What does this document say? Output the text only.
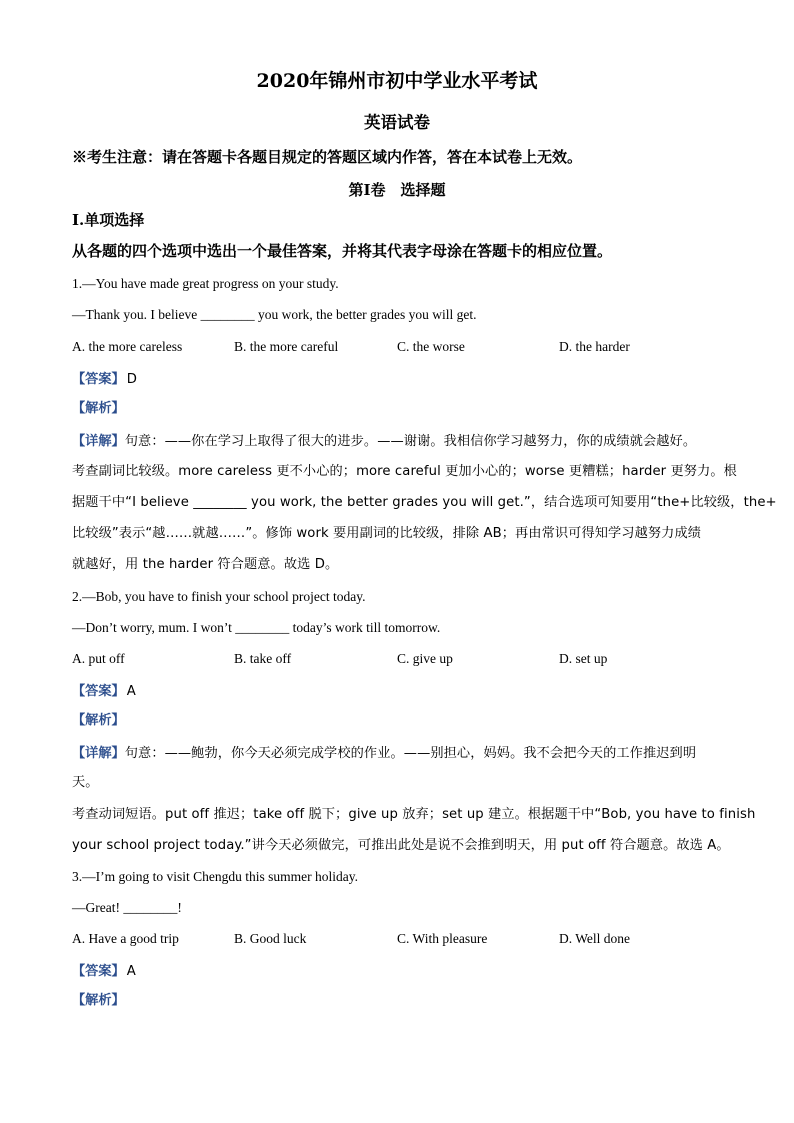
2020年锦州市初中学业水平考试

英语试卷

※考生注意：请在答题卡各题目规定的答题区域内作答，答在本试卷上无效。

第Ⅰ卷　选择题

Ⅰ.单项选择

从各题的四个选项中选出一个最佳答案，并将其代表字母涂在答题卡的相应位置。

1.—You have made great progress on your study.

—Thank you. I believe ________ you work, the better grades you will get.

A. the more careless	B. the more careful	C. the worse	D. the harder

【答案】 D

【解析】

【详解】句意：——你在学习上取得了很大的进步。——谢谢。我相信你学习越努力，你的成绩就会越好。

考查副词比较级。more careless 更不小心的；more careful 更加小心的；worse 更糟糕；harder 更努力。根

据题干中“I believe ________ you work, the better grades you will get.”，结合选项可知要用“the+比较级，the+

比较级”表示“越……就越……”。修饰 work 要用副词的比较级，排除 AB；再由常识可得知学习越努力成绩

就越好，用 the harder 符合题意。故选 D。

2.—Bob, you have to finish your school project today.

—Don’t worry, mum. I won’t ________ today’s work till tomorrow.

A. put off	B. take off	C. give up	D. set up

【答案】 A

【解析】

【详解】句意：——鲍勃，你今天必须完成学校的作业。——别担心，妈妈。我不会把今天的工作推迟到明

天。

考查动词短语。put off 推迟；take off 脱下；give up 放弃；set up 建立。根据题干中“Bob, you have to finish

your school project today.”讲今天必须做完，可推出此处是说不会推到明天，用 put off 符合题意。故选 A。

3.—I’m going to visit Chengdu this summer holiday.

—Great! ________!

A. Have a good trip	B. Good luck	C. With pleasure	D. Well done

【答案】 A

【解析】
